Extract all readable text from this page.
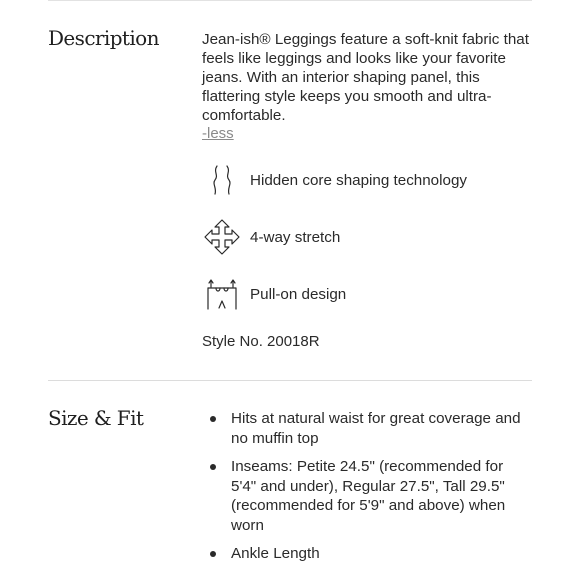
Description	Jean-ish® Leggings feature a soft-knit fabric that feels like leggings and looks like your favorite jeans. With an interior shaping panel, this flattering style keeps you smooth and ultra-comfortable.

-less
Hidden core shaping technology
4-way stretch
Pull-on design
Style No. 20018R
Size & Fit	Hits at natural waist for great coverage and no muffin top
Inseams: Petite 24.5" (recommended for 5'4" and under), Regular 27.5", Tall 29.5" (recommended for 5'9" and above) when worn
Ankle Length
